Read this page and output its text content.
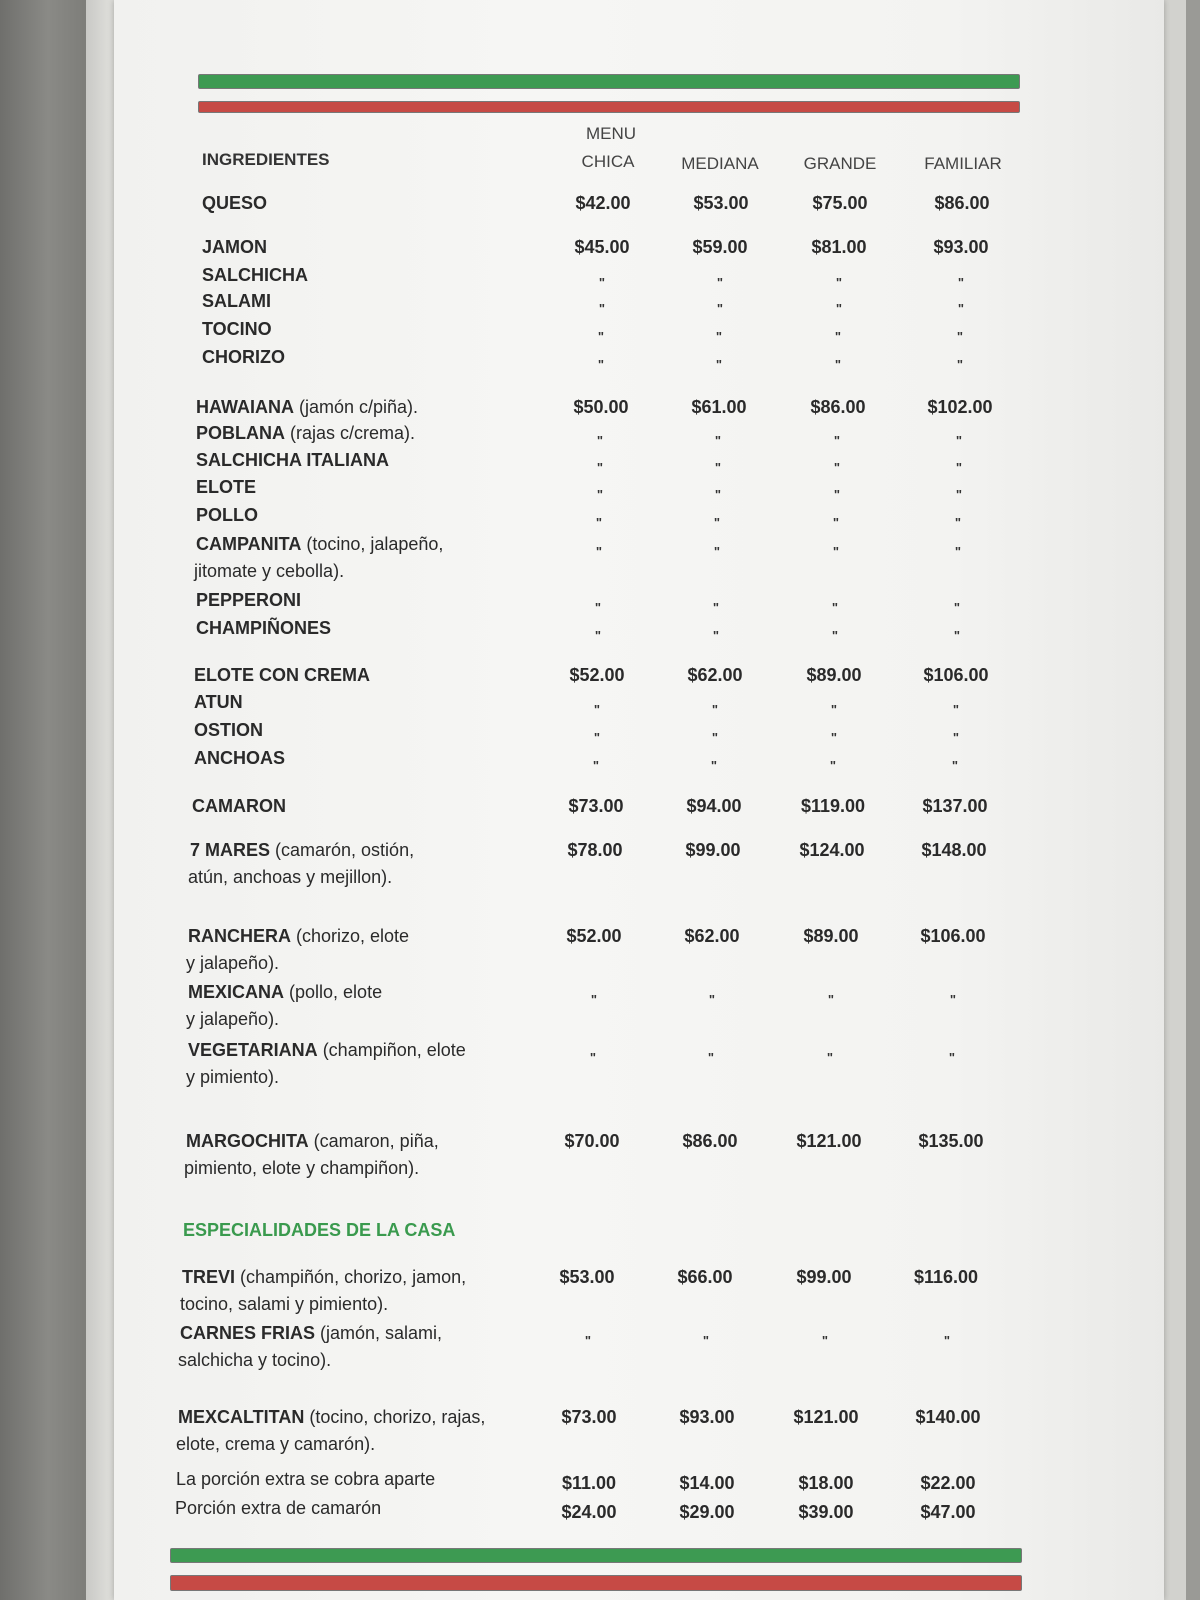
INGREDIENTES
MENU
CHICA	MEDIANA	GRANDE	FAMILIAR
QUESO	$42.00	$53.00	$75.00	$86.00
JAMON	$45.00	$59.00	$81.00	$93.00
SALCHICHA	"	"	"	"
SALAMI	"	"	"	"
TOCINO	"	"	"	"
CHORIZO	"	"	"	"
HAWAIANA (jamón c/piña).	$50.00	$61.00	$86.00	$102.00
POBLANA (rajas c/crema).	"	"	"	"
SALCHICHA ITALIANA	"	"	"	"
ELOTE	"	"	"	"
POLLO	"	"	"	"
CAMPANITA (tocino, jalapeño,
jitomate y cebolla).
"	"	"	"
PEPPERONI	"	"	"	"
CHAMPIÑONES	"	"	"	"
ELOTE CON CREMA	$52.00	$62.00	$89.00	$106.00
ATUN	"	"	"	"
OSTION	"	"	"	"
ANCHOAS	"	"	"	"
CAMARON	$73.00	$94.00	$119.00	$137.00
7 MARES (camarón, ostión,
atún, anchoas y mejillon).
$78.00	$99.00	$124.00	$148.00
RANCHERA (chorizo, elote
y jalapeño).
$52.00	$62.00	$89.00	$106.00
MEXICANA (pollo, elote
y jalapeño).
"	"	"	"
VEGETARIANA (champiñon, elote
y pimiento).
"	"	"	"
MARGOCHITA (camaron, piña,
pimiento, elote y champiñon).
$70.00	$86.00	$121.00	$135.00
TREVI (champiñón, chorizo, jamon,
tocino, salami y pimiento).
$53.00	$66.00	$99.00	$116.00
CARNES FRIAS (jamón, salami,
salchicha y tocino).
"	"	"	"
MEXCALTITAN (tocino, chorizo, rajas,
elote, crema y camarón).
$73.00	$93.00	$121.00	$140.00
La porción extra se cobra aparte	$11.00	$14.00	$18.00	$22.00
Porción extra de camarón	$24.00	$29.00	$39.00	$47.00
ESPECIALIDADES DE LA CASA
